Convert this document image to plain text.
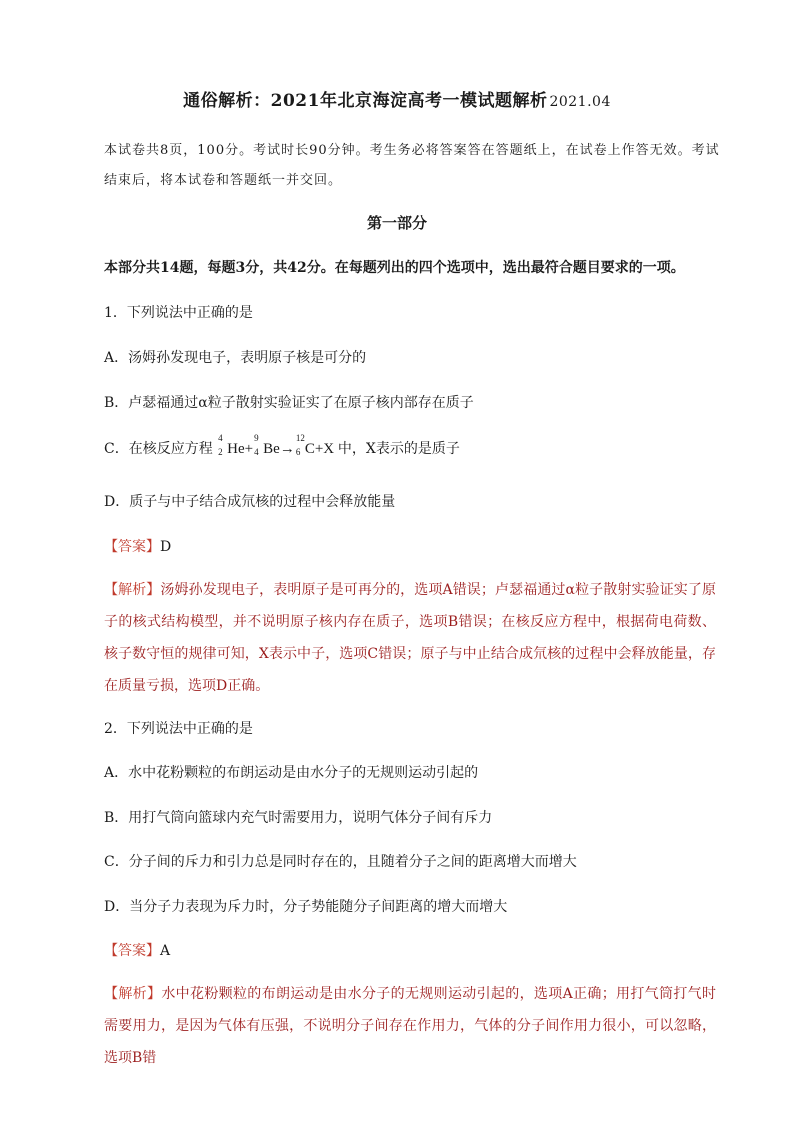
通俗解析：2021年北京海淀高考一模试题解析 2021.04
本试卷共8页，100分。考试时长90分钟。考生务必将答案答在答题纸上，在试卷上作答无效。考试结束后，将本试卷和答题纸一并交回。
第一部分
本部分共14题，每题3分，共42分。在每题列出的四个选项中，选出最符合题目要求的一项。
1．下列说法中正确的是
A．汤姆孙发现电子，表明原子核是可分的
B．卢瑟福通过α粒子散射实验证实了在原子核内部存在质子
C．在核反应方程
4
2 He+
9
4 Be→
12
6 C+X 中，X表示的是质子
D．质子与中子结合成氘核的过程中会释放能量
【答案】D
【解析】汤姆孙发现电子，表明原子是可再分的，选项A错误；卢瑟福通过α粒子散射实验证实了原子的核式结构模型，并不说明原子核内存在质子，选项B错误；在核反应方程中，根据荷电荷数、核子数守恒的规律可知，X表示中子，选项C错误；原子与中止结合成氘核的过程中会释放能量，存在质量亏损，选项D正确。
2．下列说法中正确的是
A．水中花粉颗粒的布朗运动是由水分子的无规则运动引起的
B．用打气筒向篮球内充气时需要用力，说明气体分子间有斥力
C．分子间的斥力和引力总是同时存在的，且随着分子之间的距离增大而增大
D．当分子力表现为斥力时，分子势能随分子间距离的增大而增大
【答案】A
【解析】水中花粉颗粒的布朗运动是由水分子的无规则运动引起的，选项A正确；用打气筒打气时需要用力，是因为气体有压强，不说明分子间存在作用力，气体的分子间作用力很小，可以忽略，选项B错
